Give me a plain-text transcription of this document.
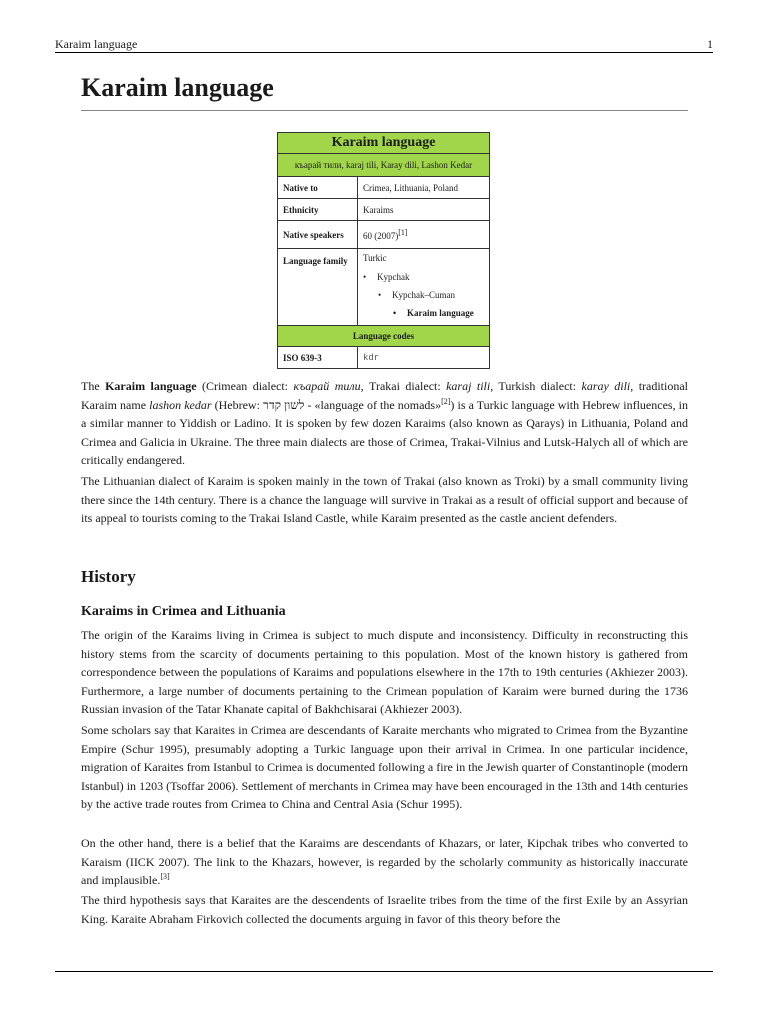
Karaim language	1
Karaim language
Karaim language	
къарай тили, karaj tili, Karay dili, Lashon Kedar	
Native to	Crimea, Lithuania, Poland
Ethnicity	Karaims
Native speakers	60 (2007)[1]
Language family	Turkic
• Kypchak
• Kypchak–Cuman
• Karaim language

Language codes	
ISO 639-3	kdr

The Karaim language (Crimean dialect: къарай тили, Trakai dialect: karaj tili, Turkish dialect: karay dili, traditional Karaim name lashon kedar (Hebrew: לשון קדר - «language of the nomads»[2]) is a Turkic language with Hebrew influences, in a similar manner to Yiddish or Ladino. It is spoken by few dozen Karaims (also known as Qarays) in Lithuania, Poland and Crimea and Galicia in Ukraine. The three main dialects are those of Crimea, Trakai-Vilnius and Lutsk-Halych all of which are critically endangered.

The Lithuanian dialect of Karaim is spoken mainly in the town of Trakai (also known as Troki) by a small community living there since the 14th century. There is a chance the language will survive in Trakai as a result of official support and because of its appeal to tourists coming to the Trakai Island Castle, while Karaim presented as the castle ancient defenders.

History
Karaims in Crimea and Lithuania

The origin of the Karaims living in Crimea is subject to much dispute and inconsistency. Difficulty in reconstructing this history stems from the scarcity of documents pertaining to this population. Most of the known history is gathered from correspondence between the populations of Karaims and populations elsewhere in the 17th to 19th centuries (Akhiezer 2003). Furthermore, a large number of documents pertaining to the Crimean population of Karaim were burned during the 1736 Russian invasion of the Tatar Khanate capital of Bakhchisarai (Akhiezer 2003).

Some scholars say that Karaites in Crimea are descendants of Karaite merchants who migrated to Crimea from the Byzantine Empire (Schur 1995), presumably adopting a Turkic language upon their arrival in Crimea. In one particular incidence, migration of Karaites from Istanbul to Crimea is documented following a fire in the Jewish quarter of Constantinople (modern Istanbul) in 1203 (Tsoffar 2006). Settlement of merchants in Crimea may have been encouraged in the 13th and 14th centuries by the active trade routes from Crimea to China and Central Asia (Schur 1995).

On the other hand, there is a belief that the Karaims are descendants of Khazars, or later, Kipchak tribes who converted to Karaism (IICK 2007). The link to the Khazars, however, is regarded by the scholarly community as historically inaccurate and implausible.[3]

The third hypothesis says that Karaites are the descendents of Israelite tribes from the time of the first Exile by an Assyrian King. Karaite Abraham Firkovich collected the documents arguing in favor of this theory before the
